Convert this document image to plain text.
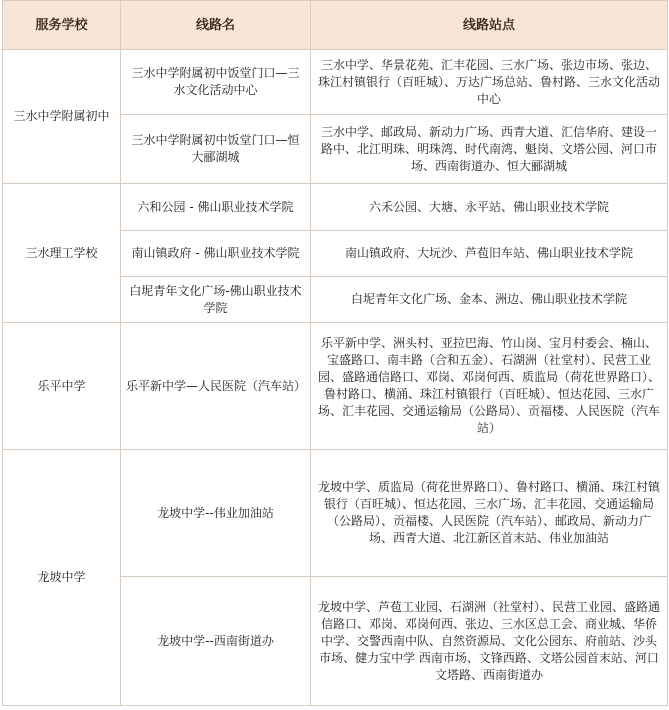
服务学校	线路名	线路站点
三水中学附属初中	三水中学附属初中饭堂门口—三水文化活动中心	三水中学、华景花苑、汇丰花园、三水广场、张边市场、张边、珠江村镇银行（百旺城）、万达广场总站、鲁村路、三水文化活动中心
	三水中学附属初中饭堂门口—恒大郦湖城	三水中学、邮政局、新动力广场、西青大道、汇信华府、建设一路中、北江明珠、明珠湾、时代南湾、魁岗、文塔公园、河口市场、西南街道办、恒大郦湖城
三水理工学校	六和公园 - 佛山职业技术学院	六禾公园、大塘、永平站、佛山职业技术学院
	南山镇政府 - 佛山职业技术学院	南山镇政府、大坃沙、芦苞旧车站、佛山职业技术学院
	白坭青年文化广场-佛山职业技术学院	白坭青年文化广场、金本、洲边、佛山职业技术学院
乐平中学	乐平新中学—人民医院（汽车站）	乐平新中学、洲头村、亚拉巴海、竹山岗、宝月村委会、楠山、宝盛路口、南丰路（合和五金）、石湖洲（社堂村）、民营工业园、盛路通信路口、邓岗、邓岗何西、质监局（荷花世界路口）、鲁村路口、横涌、珠江村镇银行（百旺城）、恒达花园、三水广场、汇丰花园、交通运输局（公路局）、贡福楼、人民医院（汽车站）
龙坡中学	龙坡中学--伟业加油站	龙坡中学、质监局（荷花世界路口）、鲁村路口、横涌、珠江村镇银行（百旺城）、恒达花园、三水广场、汇丰花园、交通运输局（公路局）、贡福楼、人民医院（汽车站）、邮政局、新动力广场、西青大道、北江新区首末站、伟业加油站
	龙坡中学--西南街道办	龙坡中学、芦苞工业园、石湖洲（社堂村）、民营工业园、盛路通信路口、邓岗、邓岗何西、张边、三水区总工会、商业城、华侨中学、交警西南中队、自然资源局、文化公园东、府前站、沙头市场、健力宝中学 西南市场、文锋西路、文塔公园首末站、河口文塔路、西南街道办
